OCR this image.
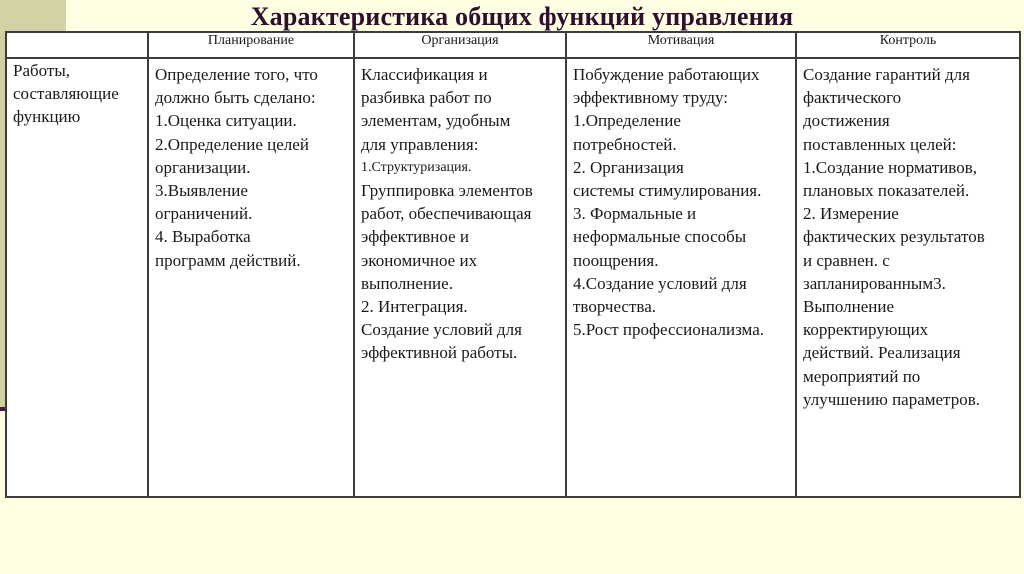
Характеристика общих функций управления
	Планирование	Организация	Мотивация	Контроль

Работы,
составляющие
функцию

Определение того, что
должно быть сделано:
1.Оценка ситуации.
2.Определение целей
организации.
3.Выявление
ограничений.
4. Выработка
программ действий.

Классификация и
разбивка работ по
элементам, удобным
для управления:
1.Структуризация.
Группировка элементов
работ, обеспечивающая
эффективное и
экономичное их
выполнение.
2. Интеграция.
Создание условий для
эффективной работы.

Побуждение работающих
эффективному труду:
1.Определение
потребностей.
2. Организация
системы стимулирования.
3. Формальные и
неформальные способы
поощрения.
4.Создание условий для
творчества.
5.Рост профессионализма.

Создание гарантий для
фактического
достижения
поставленных целей:
1.Создание нормативов,
плановых показателей.
2. Измерение
фактических результатов
и сравнен. с
запланированным3.
Выполнение
корректирующих
действий. Реализация
мероприятий по
улучшению параметров.
